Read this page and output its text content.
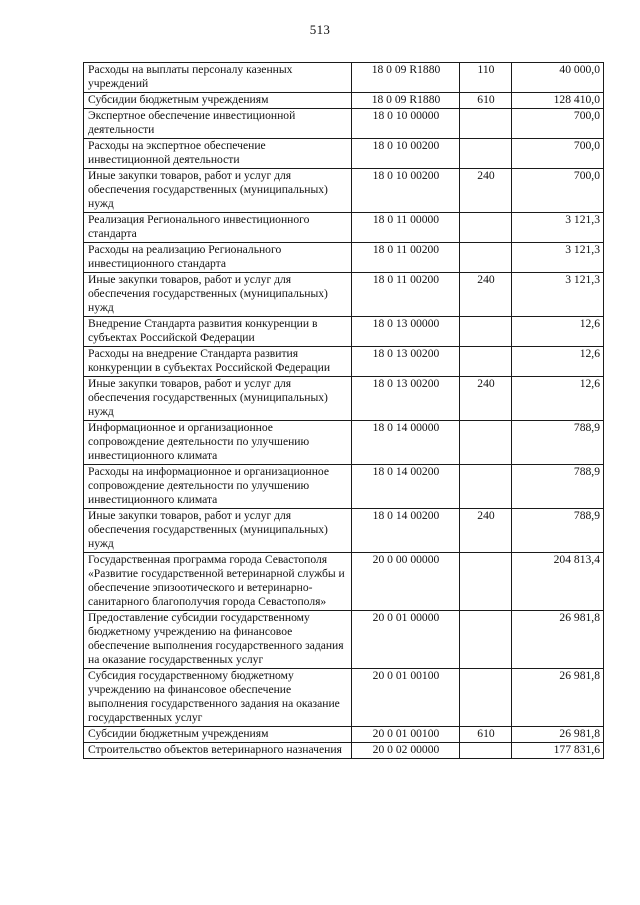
513
Расходы на выплаты персоналу казенных учреждений	18 0 09 R1880	110	40 000,0
Субсидии бюджетным учреждениям	18 0 09 R1880	610	128 410,0
Экспертное обеспечение инвестиционной деятельности	18 0 10 00000		700,0
Расходы на экспертное обеспечение инвестиционной деятельности	18 0 10 00200		700,0
Иные закупки товаров, работ и услуг для обеспечения государственных (муниципальных) нужд	18 0 10 00200	240	700,0
Реализация Регионального инвестиционного стандарта	18 0 11 00000		3 121,3
Расходы на реализацию Регионального инвестиционного стандарта	18 0 11 00200		3 121,3
Иные закупки товаров, работ и услуг для обеспечения государственных (муниципальных) нужд	18 0 11 00200	240	3 121,3
Внедрение Стандарта развития конкуренции в субъектах Российской Федерации	18 0 13 00000		12,6
Расходы на внедрение Стандарта развития конкуренции в субъектах Российской Федерации	18 0 13 00200		12,6
Иные закупки товаров, работ и услуг для обеспечения государственных (муниципальных) нужд	18 0 13 00200	240	12,6
Информационное и организационное сопровождение деятельности по улучшению инвестиционного климата	18 0 14 00000		788,9
Расходы на информационное и организационное сопровождение деятельности по улучшению инвестиционного климата	18 0 14 00200		788,9
Иные закупки товаров, работ и услуг для обеспечения государственных (муниципальных) нужд	18 0 14 00200	240	788,9
Государственная программа города Севастополя «Развитие государственной ветеринарной службы и обеспечение эпизоотического и ветеринарно-санитарного благополучия города Севастополя»	20 0 00 00000		204 813,4
Предоставление субсидии государственному бюджетному учреждению на финансовое обеспечение выполнения государственного задания на оказание государственных услуг	20 0 01 00000		26 981,8
Субсидия государственному бюджетному учреждению на финансовое обеспечение выполнения государственного задания на оказание государственных услуг	20 0 01 00100		26 981,8
Субсидии бюджетным учреждениям	20 0 01 00100	610	26 981,8
Строительство объектов ветеринарного назначения	20 0 02 00000		177 831,6
